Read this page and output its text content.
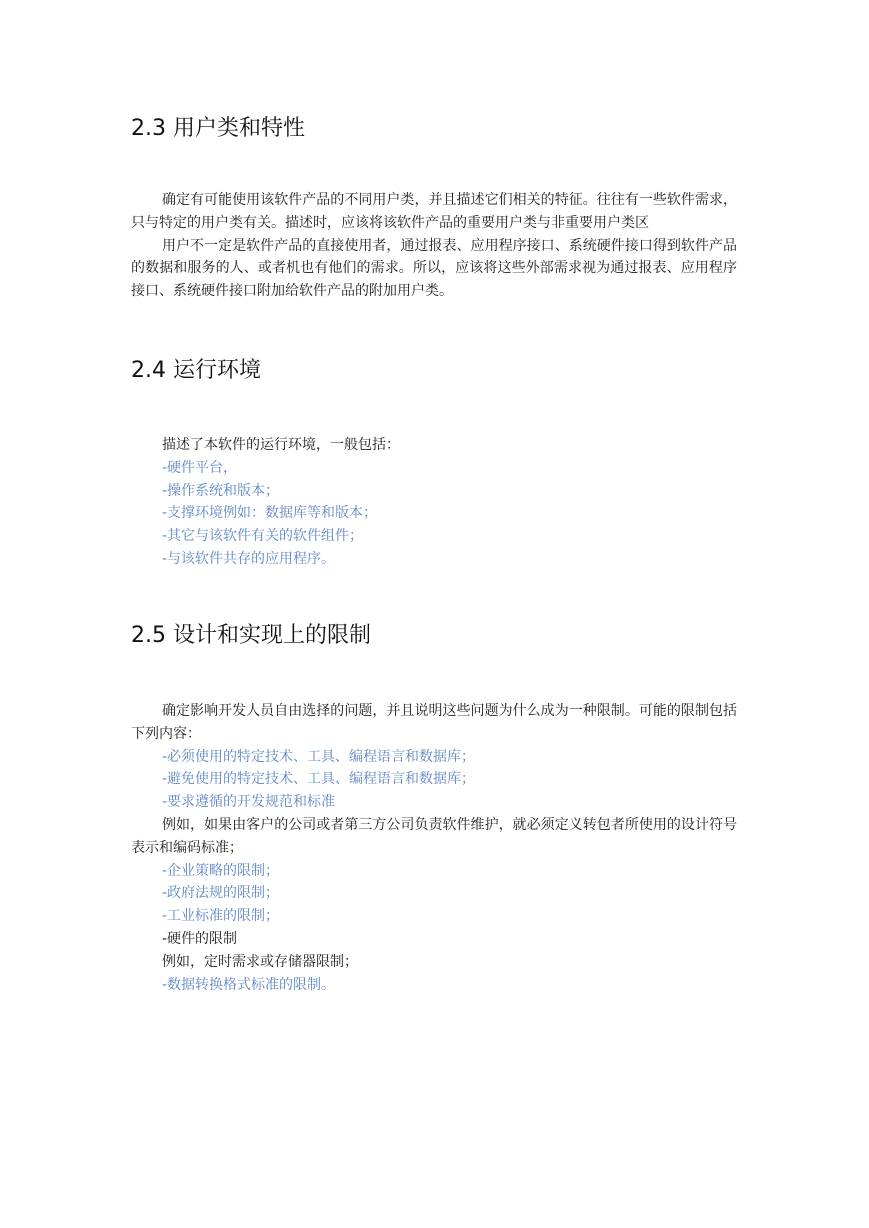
2.3 用户类和特性

确定有可能使用该软件产品的不同用户类，并且描述它们相关的特征。往往有一些软件需求，只与特定的用户类有关。描述时，应该将该软件产品的重要用户类与非重要用户类区

用户不一定是软件产品的直接使用者，通过报表、应用程序接口、系统硬件接口得到软件产品的数据和服务的人、或者机也有他们的需求。所以，应该将这些外部需求视为通过报表、应用程序接口、系统硬件接口附加给软件产品的附加用户类。

2.4 运行环境

描述了本软件的运行环境，一般包括：

-硬件平台，

-操作系统和版本；

-支撑环境例如：数据库等和版本；

-其它与该软件有关的软件组件；

-与该软件共存的应用程序。

2.5 设计和实现上的限制

确定影响开发人员自由选择的问题，并且说明这些问题为什么成为一种限制。可能的限制包括下列内容：

-必须使用的特定技术、工具、编程语言和数据库；

-避免使用的特定技术、工具、编程语言和数据库；

-要求遵循的开发规范和标准

例如，如果由客户的公司或者第三方公司负责软件维护，就必须定义转包者所使用的设计符号表示和编码标准；

-企业策略的限制；

-政府法规的限制；

-工业标准的限制；

-硬件的限制

例如，定时需求或存储器限制；

-数据转换格式标准的限制。
